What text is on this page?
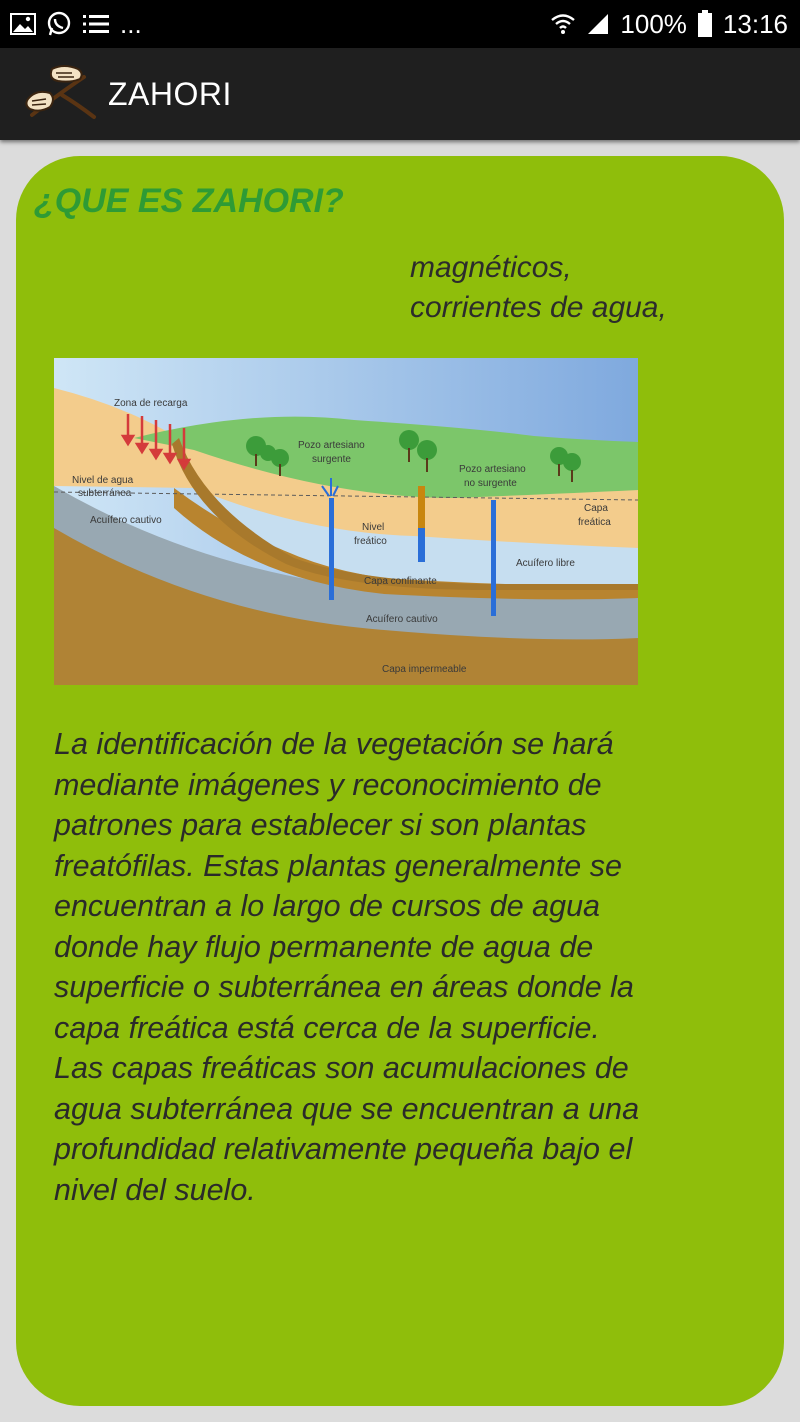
...	100% 13:16
ZAHORI
¿QUE ES ZAHORI?
magnéticos,
corrientes de agua,
Zona de recarga
Nivel de agua
subterránea
Acuífero cautivo
Pozo artesiano
surgente
Pozo artesiano
no surgente
Capa
freática
Nivel
freático
Acuífero libre
Capa confinante
Acuífero cautivo
Capa impermeable
La identificación de la vegetación se hará
mediante imágenes y reconocimiento de
patrones para establecer si son plantas
freatófilas. Estas plantas generalmente se
encuentran a lo largo de cursos de agua
donde hay flujo permanente de agua de
superficie o subterránea en áreas donde la
capa freática está cerca de la superficie.
Las capas freáticas son acumulaciones de
agua subterránea que se encuentran a una
profundidad relativamente pequeña bajo el
nivel del suelo.
